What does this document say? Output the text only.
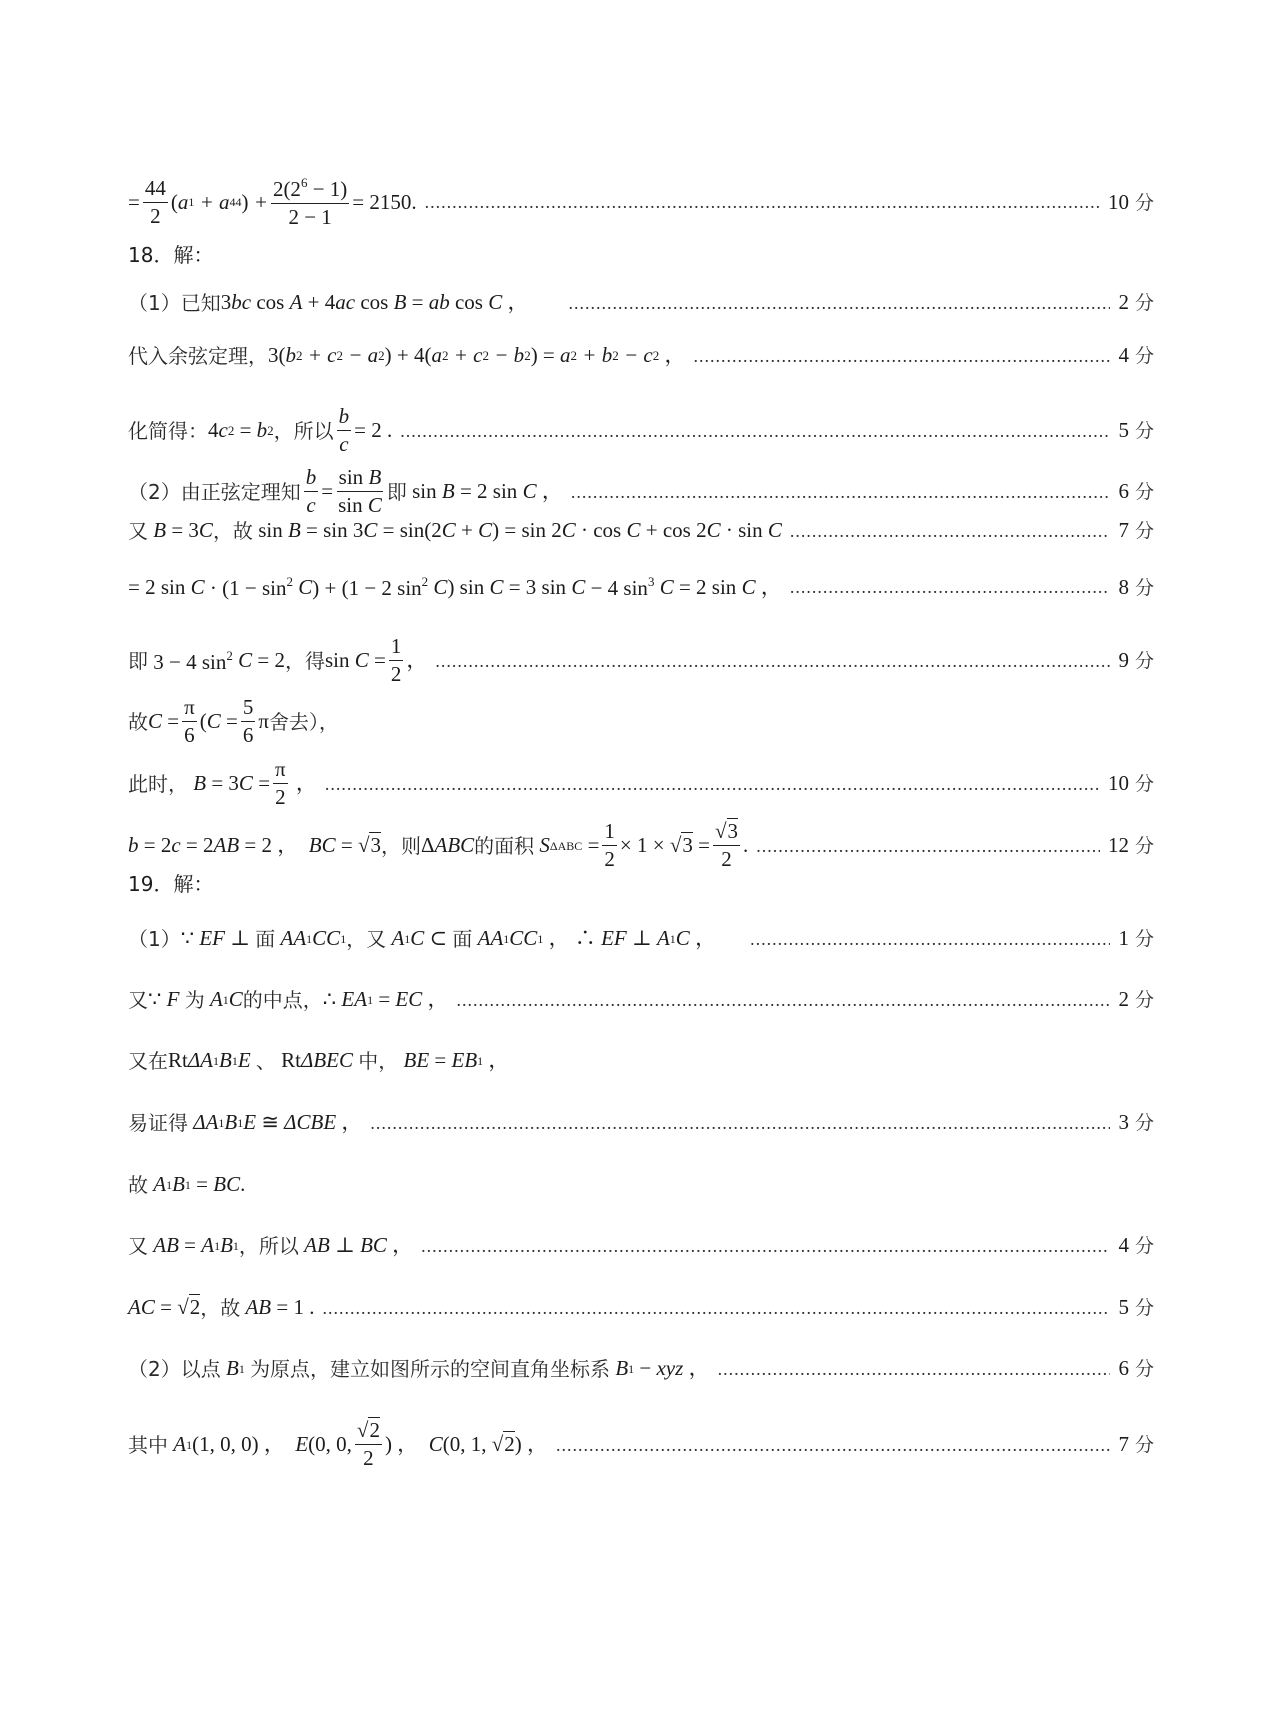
= $\frac{44}{2}$ ( a 1 + a 44 ) + $\frac{2(2^6 - 1)}{2 - 1} = 2150$. .....	10 分
18．解：
（1）已知 3 bc cos A + 4 ac cos B = ab cos C ， .....	2 分
代入余弦定理， 3( b 2 + c 2 − a 2 ) + 4( a 2 + c 2 − b 2 ) = a 2 + b 2 − c 2 ， .....	4 分
化简得： 4 c 2
= b 2 ，所以 $\frac{b}{c} = 2$ . .....	5 分
（2）由正弦定理知 $\frac{b}{c} = \frac{\text{sin B}}{\text{sin C}}$ 即 sin B = 2 sin C ， .....	6 分
又 B = 3 C ，故 sin B = sin 3 C = sin(2 C + C ) = sin 2 C · cos C + cos 2 C · sin C .....	7 分
= 2 $\sin C \cdot (1 - \sin^2 C$ ) + (1 − 2 $\sin^2 C$ ) sin C = 3 sin C − 4 $\sin^3 C = 2$ sin C ， .....	8 分
即 3 − 4 $\sin^2 C = 2$ ，得 $\sin C = \frac{1}{2}$ ， .....	9 分
故 $C = \frac{\pi}{6}$ ( $C = \frac{5}{6}$ π 舍去），
此时， B = 3 $C = \frac{\pi}{2}$ ， .....	10 分
b = 2 c = 2 AB = 2 ， BC = √3 ，则 Δ ABC 的面积 S $\Delta ABC = \frac{1}{2} \times 1 \times √3 = \frac{√3}{2}$ . .....	12 分
19．解：
（1） ∵ EF ⊥ 面 AA 1 CC 1 ，又 A 1 C ⊂ 面 AA 1 CC 1 ， ∴ EF ⊥ A 1 C ， .....	1 分
又 ∵ F 为 A 1 C 的中点， ∴ EA 1 = EC ， .....	2 分
又在 Rt ΔA 1 B 1 E 、
Rt ΔBEC 中， BE = EB 1 ，
易证得 ΔA 1 B 1 E ≅ ΔCBE ， .....	3 分
故 A 1 B 1 = BC .
又 AB = A 1 B 1 ，所以 AB ⊥ BC ， .....	4 分
AC = √2 ，故 AB = 1 . .....	5 分
（2）以点 B 1
为原点，建立如图所示的空间直角坐标系 B 1 − xyz ， .....	6 分
其中 A 1 (1, 0, 0) ， E (0, 0, $\frac{√2}{2}$ ) ， C (0, 1, √2 ) ， .....	7 分
